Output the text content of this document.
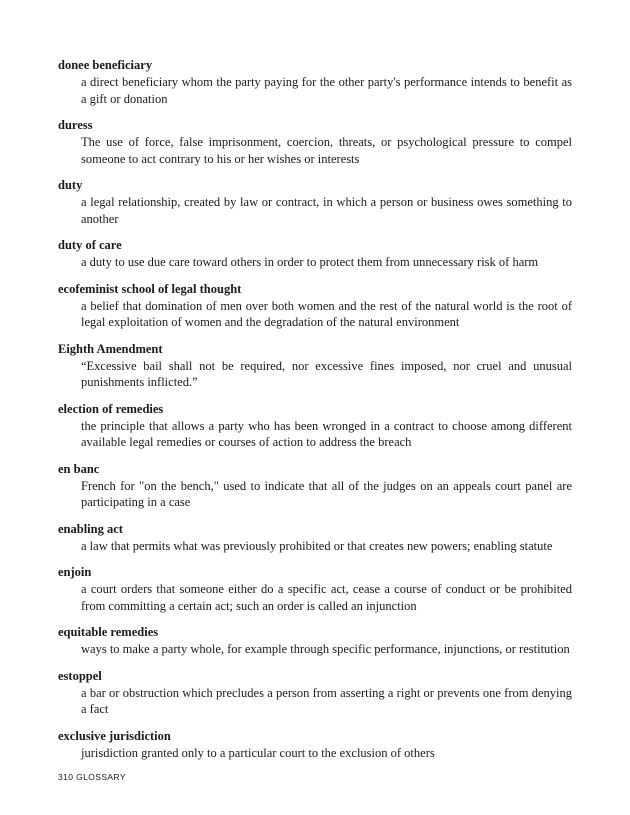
donee beneficiary

a direct beneficiary whom the party paying for the other party's performance intends to benefit as a gift or donation

duress

The use of force, false imprisonment, coercion, threats, or psychological pressure to compel someone to act contrary to his or her wishes or interests

duty

a legal relationship, created by law or contract, in which a person or business owes something to another

duty of care

a duty to use due care toward others in order to protect them from unnecessary risk of harm

ecofeminist school of legal thought

a belief that domination of men over both women and the rest of the natural world is the root of legal exploitation of women and the degradation of the natural environment

Eighth Amendment

“Excessive bail shall not be required, nor excessive fines imposed, nor cruel and unusual punishments inflicted.”

election of remedies

the principle that allows a party who has been wronged in a contract to choose among different available legal remedies or courses of action to address the breach

en banc

French for "on the bench," used to indicate that all of the judges on an appeals court panel are participating in a case

enabling act

a law that permits what was previously prohibited or that creates new powers; enabling statute

enjoin

a court orders that someone either do a specific act, cease a course of conduct or be prohibited from committing a certain act; such an order is called an injunction

equitable remedies

ways to make a party whole, for example through specific performance, injunctions, or restitution

estoppel

a bar or obstruction which precludes a person from asserting a right or prevents one from denying a fact

exclusive jurisdiction

jurisdiction granted only to a particular court to the exclusion of others

310 GLOSSARY
